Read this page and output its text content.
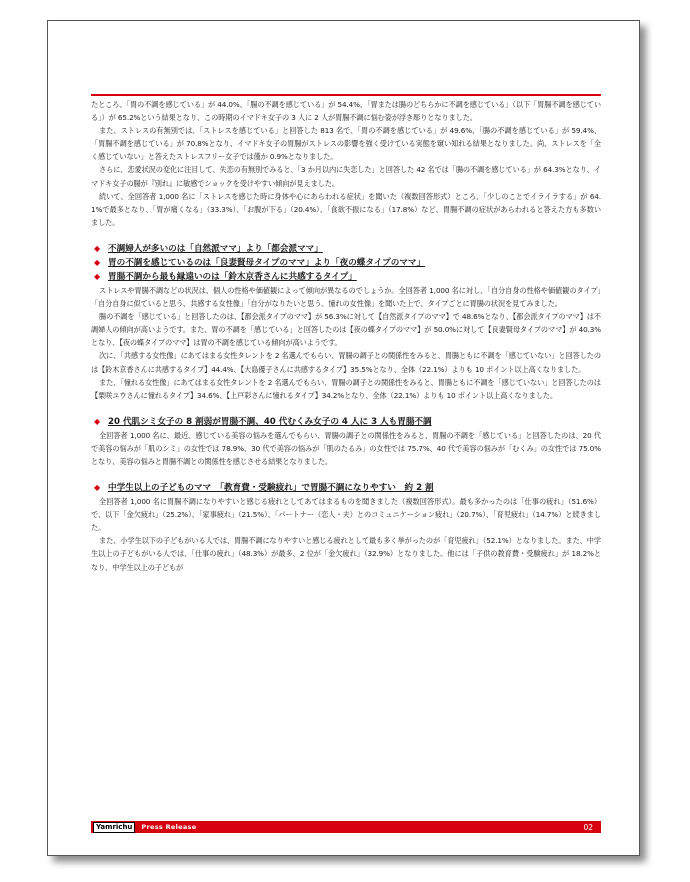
たところ、「胃の不調を感じている」が 44.0%、「腸の不調を感じている」が 54.4%、「胃または腸のどちらかに不調を感じている」（以下「胃腸不調を感じている」）が 65.2%という結果となり、この時期のイマドキ女子の 3 人に 2 人が胃腸不調に悩む姿が浮き彫りとなりました。

また、ストレスの有無別では、「ストレスを感じている」と回答した 813 名で、「胃の不調を感じている」が 49.6%、「腸の不調を感じている」が 59.4%、「胃腸不調を感じている」が 70.8%となり、イマドキ女子の胃腸がストレスの影響を強く受けている実態を窺い知れる結果となりました。尚、ストレスを「全く感じていない」と答えたストレスフリー女子では僅か 0.9%となりました。

さらに、恋愛状況の変化に注目して、失恋の有無別でみると、「3 か月以内に失恋した」と回答した 42 名では「腸の不調を感じている」が 64.3%となり、イマドキ女子の腸が『別れ』に敏感でショックを受けやすい傾向が見えました。

続いて、全回答者 1,000 名に「ストレスを感じた時に身体や心にあらわれる症状」を聞いた（複数回答形式）ところ、「少しのことでイライラする」が 64.1%で最多となり、「胃が痛くなる」（33.3%）、「お腹が下る」（20.4%）、「食欲不振になる」（17.8%）など、胃腸不調の症状があらわれると答えた方も多数いました。

◆ 不調婦人が多いのは「自然派ママ」より「都会派ママ」
◆ 胃の不調を感じているのは「良妻賢母タイプのママ」より「夜の蝶タイプのママ」
◆ 胃腸不調から最も縁遠いのは「鈴木京香さんに共感するタイプ」

ストレスや胃腸不調などの状況は、個人の性格や価値観によって傾向が異なるのでしょうか。全回答者 1,000 名に対し、「自分自身の性格や価値観のタイプ」「自分自身に似ていると思う、共感する女性像」「自分がなりたいと思う、憧れの女性像」を聞いた上で、タイプごとに胃腸の状況を見てみました。

腸の不調を「感じている」と回答したのは、【都会派タイプのママ】が 56.3%に対して【自然派タイプのママ】で 48.6%となり、【都会派タイプのママ】は不調婦人の傾向が高いようです。また、胃の不調を「感じている」と回答したのは【夜の蝶タイプのママ】が 50.0%に対して【良妻賢母タイプのママ】が 40.3%となり、【夜の蝶タイプのママ】は胃の不調を感じている傾向が高いようです。

次に、「共感する女性像」にあてはまる女性タレントを 2 名選んでもらい、胃腸の調子との関係性をみると、胃腸ともに不調を「感じていない」と回答したのは【鈴木京香さんに共感するタイプ】44.4%、【大島優子さんに共感するタイプ】35.5%となり、全体（22.1%）よりも 10 ポイント以上高くなりました。

また、「憧れる女性像」にあてはまる女性タレントを 2 名選んでもらい、胃腸の調子との関係性をみると、胃腸ともに不調を「感じていない」と回答したのは【栗咲ユウさんに憧れるタイプ】34.6%、【上戸彩さんに憧れるタイプ】34.2%となり、全体（22.1%）よりも 10 ポイント以上高くなりました。

◆ 20 代肌シミ女子の 8 割弱が胃腸不調、40 代むくみ女子の 4 人に 3 人も胃腸不調

全回答者 1,000 名に、最近、感じている美容の悩みを選んでもらい、胃腸の調子との関係性をみると、胃腸の不調を「感じている」と回答したのは、20 代で美容の悩みが「肌のシミ」の女性では 78.9%、30 代で美容の悩みが「肌のたるみ」の女性では 75.7%、40 代で美容の悩みが「むくみ」の女性では 75.0%となり、美容の悩みと胃腸不調との関係性を感じさせる結果となりました。

◆ 中学生以上の子どものママ　「教育費・受験疲れ」で胃腸不調になりやすい　約 2 割

全回答者 1,000 名に胃腸不調になりやすいと感じる疲れとしてあてはまるものを聞きました（複数回答形式）。最も多かったのは「仕事の疲れ」（51.6%）で、以下「金欠疲れ」（25.2%）、「家事疲れ」（21.5%）、「パートナー（恋人・夫）とのコミュニケーション疲れ」（20.7%）、「育児疲れ」（14.7%）と続きました。

また、小学生以下の子どもがいる人では、胃腸不調になりやすいと感じる疲れとして最も多く挙がったのが「育児疲れ」（52.1%）となりました。また、中学生以上の子どもがいる人では、「仕事の疲れ」（48.3%）が最多、2 位が「金欠疲れ」（32.9%）となりました。他には「子供の教育費・受験疲れ」が 18.2%となり、中学生以上の子どもが

Yamrichu	Press Release	02
